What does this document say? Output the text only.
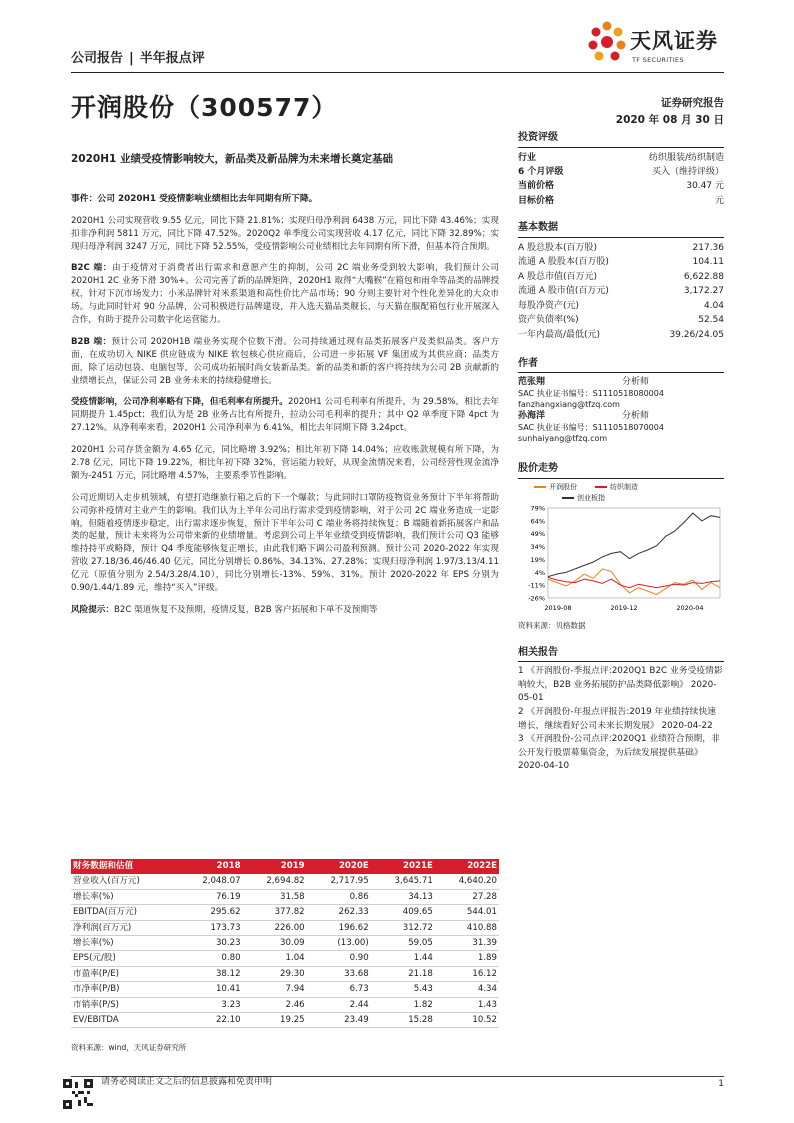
公司报告 | 半年报点评
天风证券
TF SECURITIES
开润股份（300577）	证券研究报告
2020 年 08 月 30 日
2020H1 业绩受疫情影响较大，新品类及新品牌为未来增长奠定基础
事件：公司 2020H1 受疫情影响业绩相比去年同期有所下降。
2020H1 公司实现营收 9.55 亿元，同比下降 21.81%；实现归母净利润 6438 万元，同比下降 43.46%；实现扣非净利润 5811 万元，同比下降 47.52%。2020Q2 单季度公司实现营收 4.17 亿元，同比下降 32.89%；实现归母净利润 3247 万元，同比下降 52.55%，受疫情影响公司业绩相比去年同期有所下滑，但基本符合预期。
B2C 端：由于疫情对于消费者出行需求和意愿产生的抑制，公司 2C 端业务受到较大影响，我们预计公司 2020H1 2C 业务下滑 30%+。公司完善了新的品牌矩阵，2020H1 取得“大嘴猴”在箱包和雨伞等品类的品牌授权，针对下沉市场发力；小米品牌针对米系渠道和高性价比产品市场；90 分则主要针对个性化差异化的大众市场。与此同时针对 90 分品牌，公司积极进行品牌建设，并入选天猫品类舰长，与天猫在服配箱包行业开展深入合作，有助于提升公司数字化运营能力。
B2B 端：预计公司 2020H1B 端业务实现个位数下滑。公司持续通过现有品类拓展客户及类似品类。客户方面，在成功切入 NIKE 供应链成为 NIKE 软包核心供应商后，公司进一步拓展 VF 集团成为其供应商；品类方面，除了运动包袋、电脑包等，公司成功拓展时尚女装新品类。新的品类和新的客户将持续为公司 2B 贡献新的业绩增长点，保证公司 2B 业务未来的持续稳健增长。
受疫情影响，公司净利率略有下降，但毛利率有所提升。2020H1 公司毛利率有所提升，为 29.58%，相比去年同期提升 1.45pct；我们认为是 2B 业务占比有所提升，拉动公司毛利率的提升；其中 Q2 单季度下降 4pct 为 27.12%。从净利率来看，2020H1 公司净利率为 6.41%，相比去年同期下降 3.24pct。
2020H1 公司存货金额为 4.65 亿元，同比略增 3.92%；相比年初下降 14.04%；应收账款规模有所下降，为 2.78 亿元，同比下降 19.22%，相比年初下降 32%，营运能力较好，从现金流情况来看，公司经营性现金流净额为-2451 万元，同比略增 4.57%，主要系季节性影响。
公司近期切入走步机领域，有望打造继旅行箱之后的下一个爆款；与此同时口罩防疫物资业务预计下半年将帮助公司弥补疫情对主业产生的影响。我们认为上半年公司出行需求受到疫情影响，对于公司 2C 端业务造成一定影响，但随着疫情逐步稳定，出行需求逐步恢复，预计下半年公司 C 端业务将持续恢复；B 端随着新拓展客户和品类的起量，预计未来将为公司带来新的业绩增量。考虑到公司上半年业绩受到疫情影响，我们预计公司 Q3 能够维持持平或略降，预计 Q4 季度能够恢复正增长，由此我们略下调公司盈利预测。预计公司 2020-2022 年实现营收 27.18/36.46/46.40 亿元，同比分别增长 0.86%、34.13%、27.28%；实现归母净利润 1.97/3.13/4.11 亿元（原值分别为 2.54/3.28/4.10），同比分别增长-13%、59%、31%。预计 2020-2022 年 EPS 分别为 0.90/1.44/1.89 元，维持“买入”评级。
风险提示：B2C 渠道恢复不及预期，疫情反复，B2B 客户拓展和下单不及预期等
投资评级
行业	纺织服装/纺织制造
6 个月评级	买入（维持评级）
当前价格	30.47 元
目标价格	元
基本数据
A 股总股本(百万股)	217.36
流通 A 股股本(百万股)	104.11
A 股总市值(百万元)	6,622.88
流通 A 股市值(百万元)	3,172.27
每股净资产(元)	4.04
资产负债率(%)	52.54
一年内最高/最低(元)	39.26/24.05
作者
范张翔	分析师
SAC 执业证书编号：S1110518080004
fanzhangxiang@tfzq.com
孙海洋	分析师
SAC 执业证书编号：S1110518070004
sunhaiyang@tfzq.com
股价走势
开润股份	纺织制造
创业板指
79%
64%
49%
34%
19%
4%
-11%
-26%
2019-08	2019-12	2020-04
资料来源：贝格数据
相关报告
1 《开润股份-季报点评:2020Q1 B2C 业务受疫情影响较大，B2B 业务拓展防护品类降低影响》 2020-05-01
2 《开润股份-年报点评报告:2019 年业绩持续快速增长，继续看好公司未来长期发展》 2020-04-22
3 《开润股份-公司点评:2020Q1 业绩符合预期，非公开发行股票募集资金，为后续发展提供基础》 2020-04-10
财务数据和估值	2018	2019	2020E	2021E	2022E
营业收入(百万元)	2,048.07	2,694.82	2,717.95	3,645.71	4,640.20
增长率(%)	76.19	31.58	0.86	34.13	27.28
EBITDA(百万元)	295.62	377.82	262.33	409.65	544.01
净利润(百万元)	173.73	226.00	196.62	312.72	410.88
增长率(%)	30.23	30.09	(13.00)	59.05	31.39
EPS(元/股)	0.80	1.04	0.90	1.44	1.89
市盈率(P/E)	38.12	29.30	33.68	21.18	16.12
市净率(P/B)	10.41	7.94	6.73	5.43	4.34
市销率(P/S)	3.23	2.46	2.44	1.82	1.43
EV/EBITDA	22.10	19.25	23.49	15.28	10.52
资料来源：wind，天风证券研究所
请务必阅读正文之后的信息披露和免责申明	1
